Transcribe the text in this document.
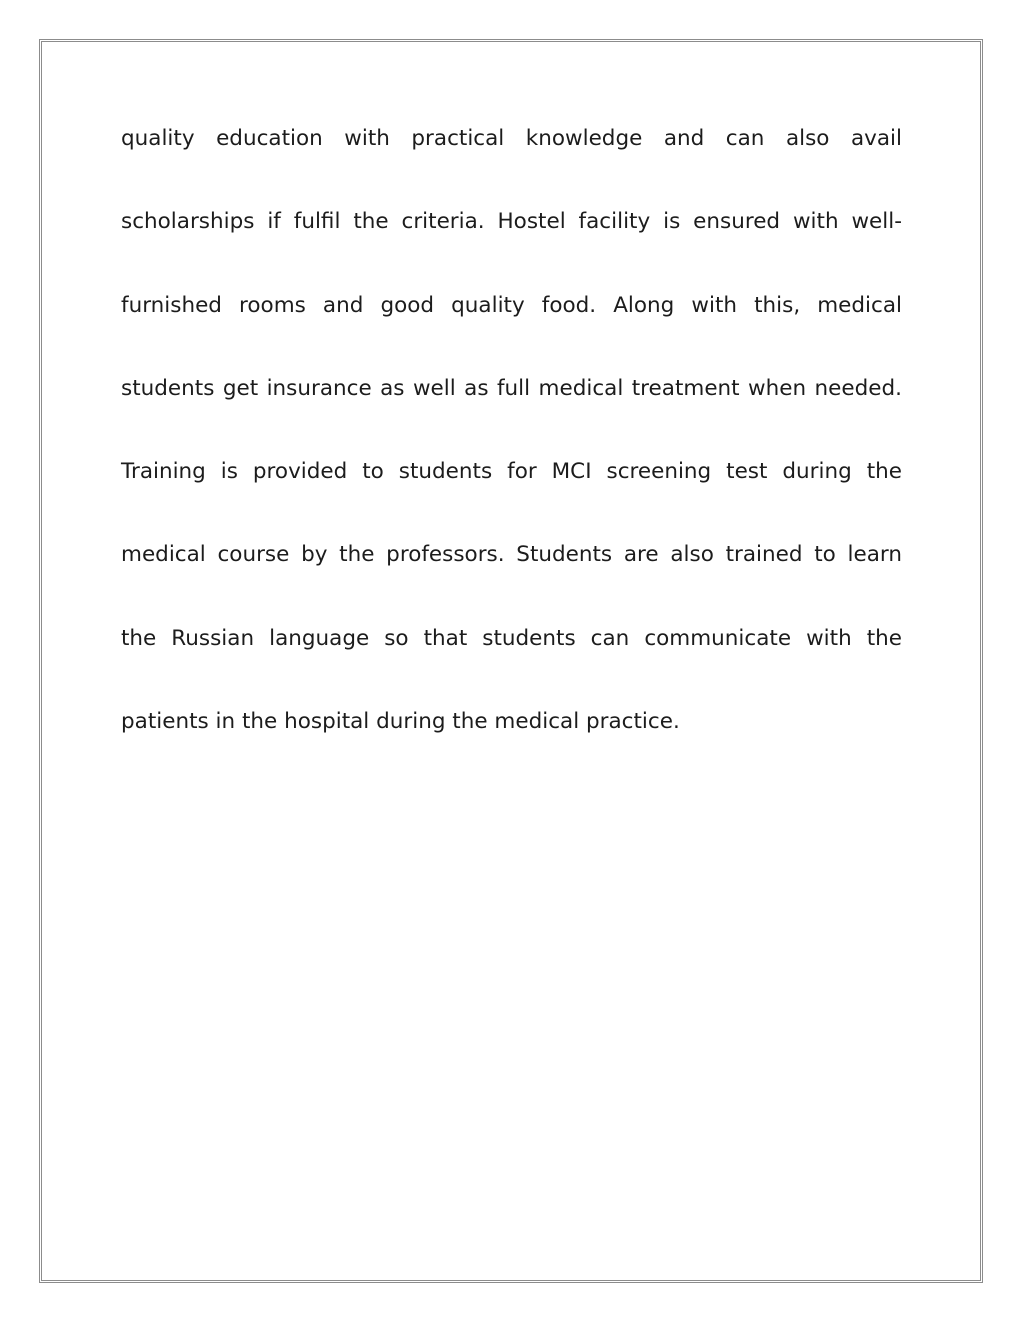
quality education with practical knowledge and can also avail
scholarships if fulfil the criteria. Hostel facility is ensured with well-
furnished rooms and good quality food. Along with this, medical
students get insurance as well as full medical treatment when needed.
Training is provided to students for MCI screening test during the
medical course by the professors. Students are also trained to learn
the Russian language so that students can communicate with the
patients in the hospital during the medical practice.
